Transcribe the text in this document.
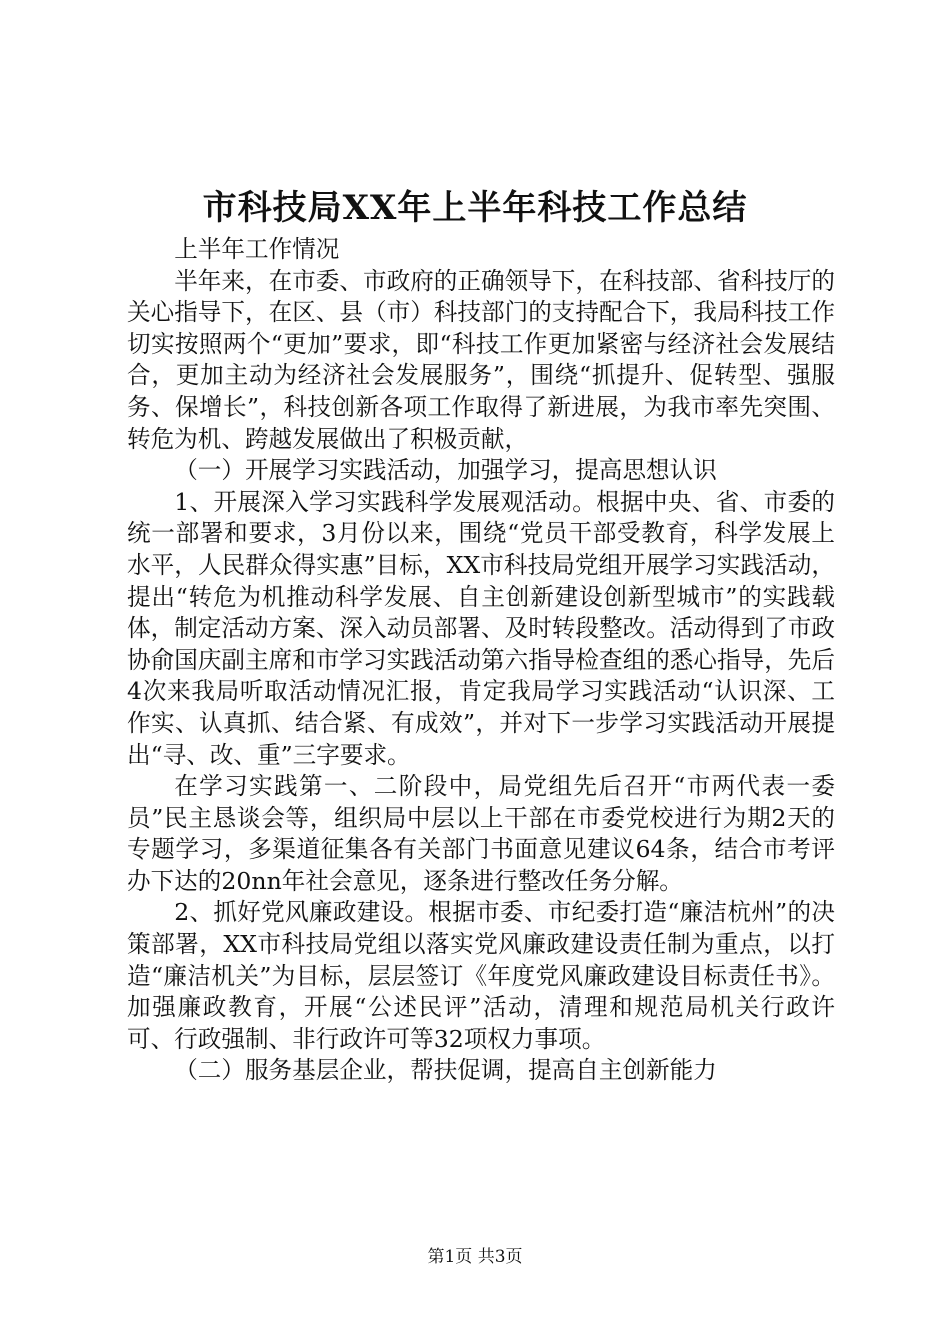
市科技局XX年上半年科技工作总结

上半年工作情况

半年来，在市委、市政府的正确领导下，在科技部、省科技厅的关心指导下，在区、县（市）科技部门的支持配合下，我局科技工作切实按照两个“更加”要求，即“科技工作更加紧密与经济社会发展结合，更加主动为经济社会发展服务”，围绕“抓提升、促转型、强服务、保增长”，科技创新各项工作取得了新进展，为我市率先突围、转危为机、跨越发展做出了积极贡献，

（一）开展学习实践活动，加强学习，提高思想认识

1、开展深入学习实践科学发展观活动。根据中央、省、市委的统一部署和要求，3月份以来，围绕“党员干部受教育，科学发展上水平，人民群众得实惠”目标，XX市科技局党组开展学习实践活动，提出“转危为机推动科学发展、自主创新建设创新型城市”的实践载体，制定活动方案、深入动员部署、及时转段整改。活动得到了市政协俞国庆副主席和市学习实践活动第六指导检查组的悉心指导，先后4次来我局听取活动情况汇报，肯定我局学习实践活动“认识深、工作实、认真抓、结合紧、有成效”，并对下一步学习实践活动开展提出“寻、改、重”三字要求。

在学习实践第一、二阶段中，局党组先后召开“市两代表一委员”民主恳谈会等，组织局中层以上干部在市委党校进行为期2天的专题学习，多渠道征集各有关部门书面意见建议64条，结合市考评办下达的20nn年社会意见，逐条进行整改任务分解。

2、抓好党风廉政建设。根据市委、市纪委打造“廉洁杭州”的决策部署，XX市科技局党组以落实党风廉政建设责任制为重点，以打造“廉洁机关”为目标，层层签订《年度党风廉政建设目标责任书》。加强廉政教育，开展“公述民评”活动，清理和规范局机关行政许可、行政强制、非行政许可等32项权力事项。

（二）服务基层企业，帮扶促调，提高自主创新能力

第1页 共3页
